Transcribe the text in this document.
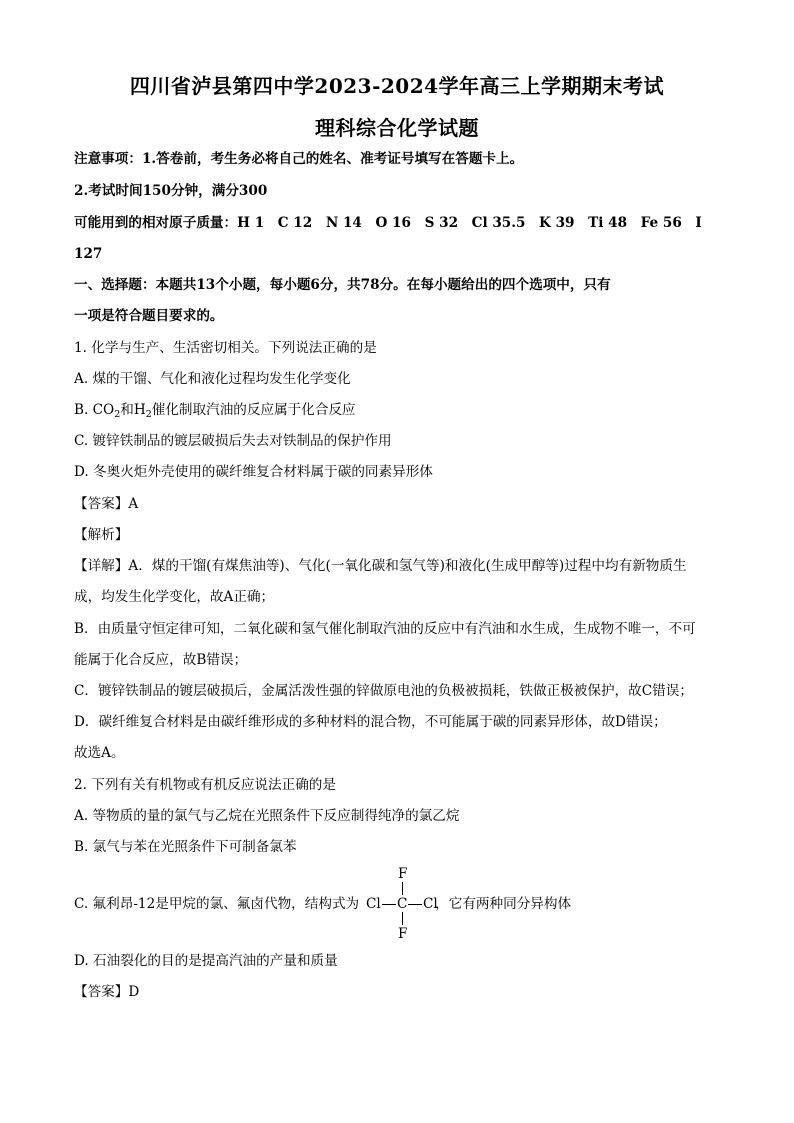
四川省泸县第四中学2023-2024学年高三上学期期末考试
理科综合化学试题
注意事项：1.答卷前，考生务必将自己的姓名、准考证号填写在答题卡上。
2.考试时间150分钟，满分300
可能用到的相对原子质量：H 1　C 12　N 14　O 16　S 32　Cl 35.5　K 39　Ti 48　Fe 56　I
127
一、选择题：本题共13个小题，每小题6分，共78分。在每小题给出的四个选项中，只有
一项是符合题目要求的。
1. 化学与生产、生活密切相关。下列说法正确的是
A. 煤的干馏、气化和液化过程均发生化学变化
B. $CO_2$和$H_2$催化制取汽油的反应属于化合反应
C. 镀锌铁制品的镀层破损后失去对铁制品的保护作用
D. 冬奥火炬外壳使用的碳纤维复合材料属于碳的同素异形体
【答案】A
【解析】
【详解】A．煤的干馏(有煤焦油等)、气化(一氧化碳和氢气等)和液化(生成甲醇等)过程中均有新物质生
成，均发生化学变化，故A正确；
B．由质量守恒定律可知，二氧化碳和氢气催化制取汽油的反应中有汽油和水生成，生成物不唯一，不可
能属于化合反应，故B错误；
C．镀锌铁制品的镀层破损后，金属活泼性强的锌做原电池的负极被损耗，铁做正极被保护，故C错误；
D．碳纤维复合材料是由碳纤维形成的多种材料的混合物，不可能属于碳的同素异形体，故D错误；
故选A。
2. 下列有关有机物或有机反应说法正确的是
A. 等物质的量的氯气与乙烷在光照条件下反应制得纯净的氯乙烷
B. 氯气与苯在光照条件下可制备氯苯
C. 氟利昂-12是甲烷的氯、氟卤代物，结构式为	，它有两种同分异构体
F
Cl C Cl
F
D. 石油裂化的目的是提高汽油的产量和质量
【答案】D
